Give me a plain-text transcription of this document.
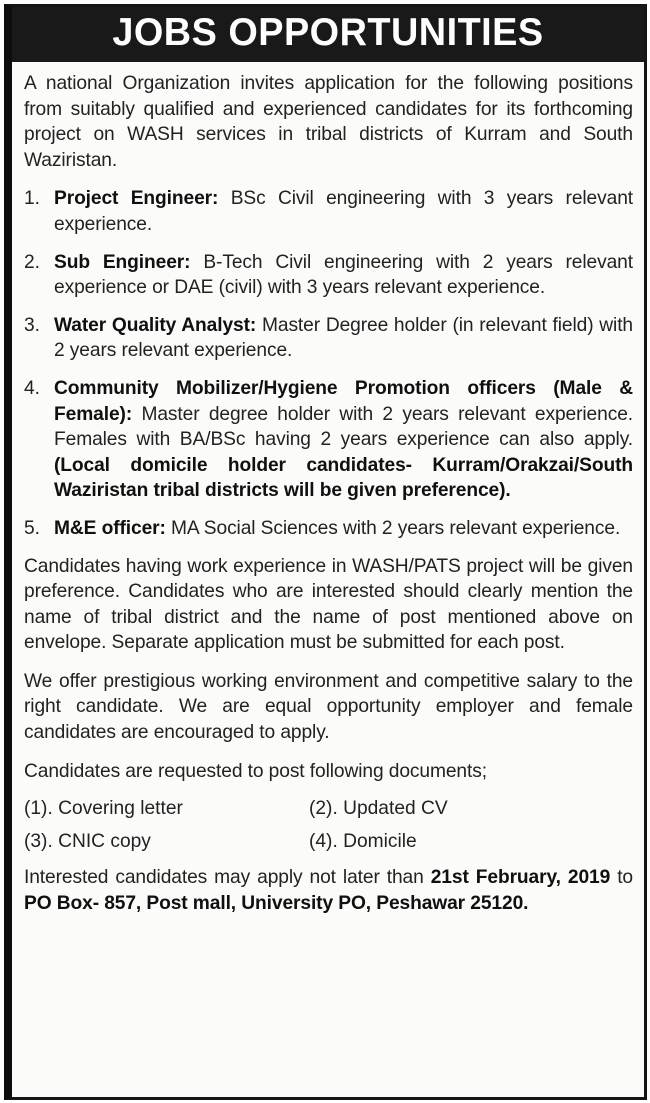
JOBS OPPORTUNITIES

A national Organization invites application for the following positions from suitably qualified and experienced candidates for its forthcoming project on WASH services in tribal districts of Kurram and South Waziristan.

1. Project Engineer: BSc Civil engineering with 3 years relevant experience.
2. Sub Engineer: B-Tech Civil engineering with 2 years relevant experience or DAE (civil) with 3 years relevant experience.
3. Water Quality Analyst: Master Degree holder (in relevant field) with 2 years relevant experience.
4. Community Mobilizer/Hygiene Promotion officers (Male & Female): Master degree holder with 2 years relevant experience. Females with BA/BSc having 2 years experience can also apply. (Local domicile holder candidates- Kurram/Orakzai/South Waziristan tribal districts will be given preference).
5. M&E officer: MA Social Sciences with 2 years relevant experience.

Candidates having work experience in WASH/PATS project will be given preference. Candidates who are interested should clearly mention the name of tribal district and the name of post mentioned above on envelope. Separate application must be submitted for each post.

We offer prestigious working environment and competitive salary to the right candidate. We are equal opportunity employer and female candidates are encouraged to apply.

Candidates are requested to post following documents;

(1). Covering letter	(2). Updated CV
(3). CNIC copy	(4). Domicile

Interested candidates may apply not later than 21st February, 2019 to PO Box- 857, Post mall, University PO, Peshawar 25120.
